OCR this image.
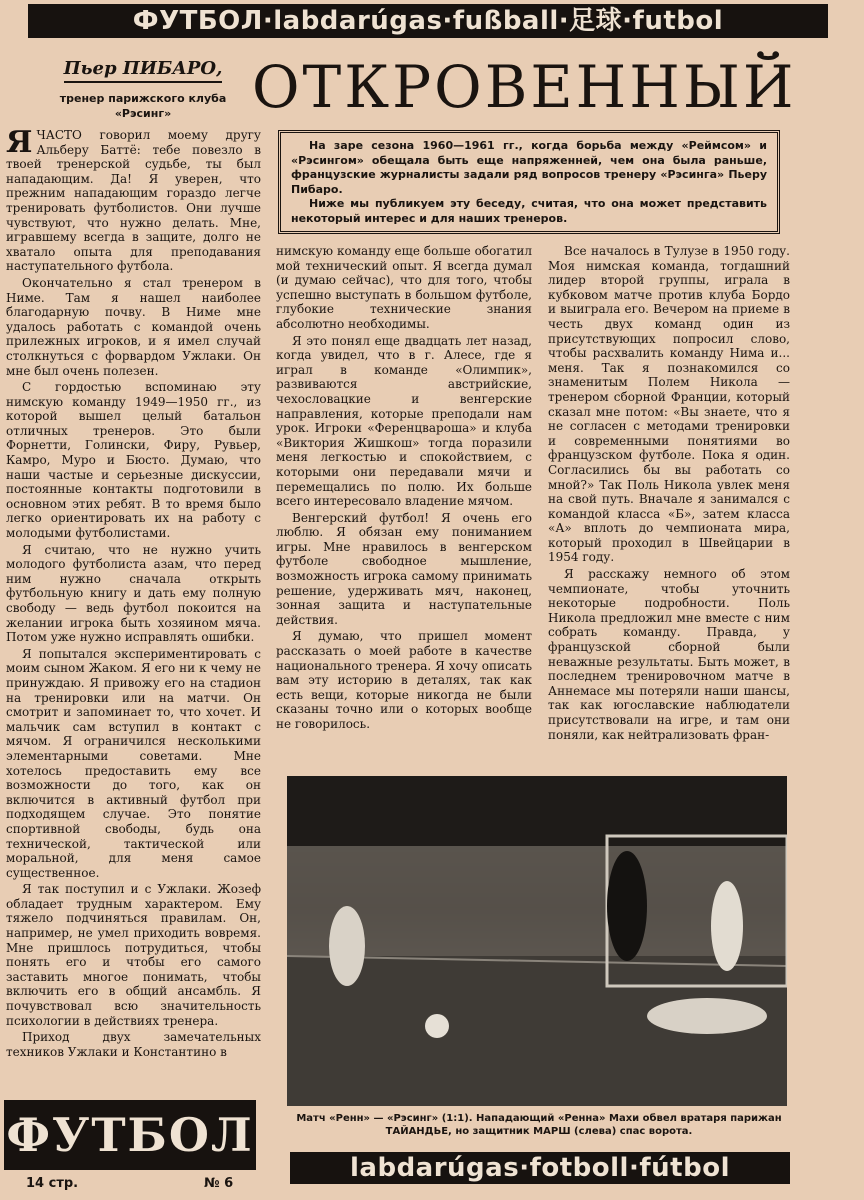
ФУТБОЛ·labdarúgas·fußball·足球·futbol
Пьер ПИБАРО,
тренер парижского клуба «Рэсинг»	ОТКРОВЕННЫЙ

На заре сезона 1960—1961 гг., когда борьба между «Реймсом» и «Рэсингом» обещала быть еще напряженней, чем она была раньше, французские журналисты задали ряд вопросов тренеру «Рэсинга» Пьеру Пибаро.

Ниже мы публикуем эту беседу, считая, что она может представить некоторый интерес и для наших тренеров.

ЯЧАСТО говорил моему другу Альберу Баттё: тебе повезло в твоей тренерской судьбе, ты был нападающим. Да! Я уверен, что прежним нападающим гораздо легче тренировать футболистов. Они лучше чувствуют, что нужно делать. Мне, игравшему всегда в защите, долго не хватало опыта для преподавания наступательного футбола.

Окончательно я стал тренером в Ниме. Там я нашел наиболее благодарную почву. В Ниме мне удалось работать с командой очень прилежных игроков, и я имел случай столкнуться с форвардом Ужлаки. Он мне был очень полезен.

С гордостью вспоминаю эту нимскую команду 1949—1950 гг., из которой вышел целый батальон отличных тренеров. Это были Форнетти, Голински, Фиру, Рувьер, Камро, Муро и Бюсто. Думаю, что наши частые и серьезные дискуссии, постоянные контакты подготовили в основном этих ребят. В то время было легко ориентировать их на работу с молодыми футболистами.

Я считаю, что не нужно учить молодого футболиста азам, что перед ним нужно сначала открыть футбольную книгу и дать ему полную свободу — ведь футбол покоится на желании игрока быть хозяином мяча. Потом уже нужно исправлять ошибки.

Я попытался экспериментировать с моим сыном Жаком. Я его ни к чему не принуждаю. Я привожу его на стадион на тренировки или на матчи. Он смотрит и запоминает то, что хочет. И мальчик сам вступил в контакт с мячом. Я ограничился несколькими элементарными советами. Мне хотелось предоставить ему все возможности до того, как он включится в активный футбол при подходящем случае. Это понятие спортивной свободы, будь она технической, тактической или моральной, для меня самое существенное.

Я так поступил и с Ужлаки. Жозеф обладает трудным характером. Ему тяжело подчиняться правилам. Он, например, не умел приходить вовремя. Мне пришлось потрудиться, чтобы понять его и чтобы его самого заставить многое понимать, чтобы включить его в общий ансамбль. Я почувствовал всю значительность психологии в действиях тренера.

Приход двух замечательных техников Ужлаки и Константино в

нимскую команду еще больше обогатил мой технический опыт. Я всегда думал (и думаю сейчас), что для того, чтобы успешно выступать в большом футболе, глубокие технические знания абсолютно необходимы.

Я это понял еще двадцать лет назад, когда увидел, что в г. Алесе, где я играл в команде «Олимпик», развиваются австрийские, чехословацкие и венгерские направления, которые преподали нам урок. Игроки «Ференцвароша» и клуба «Виктория Жишкош» тогда поразили меня легкостью и спокойствием, с которыми они передавали мячи и перемещались по полю. Их больше всего интересовало владение мячом.

Венгерский футбол! Я очень его люблю. Я обязан ему пониманием игры. Мне нравилось в венгерском футболе свободное мышление, возможность игрока самому принимать решение, удерживать мяч, наконец, зонная защита и наступательные действия.

Я думаю, что пришел момент рассказать о моей работе в качестве национального тренера. Я хочу описать вам эту историю в деталях, так как есть вещи, которые никогда не были сказаны точно или о которых вообще не говорилось.

Все началось в Тулузе в 1950 году. Моя нимская команда, тогдашний лидер второй группы, играла в кубковом матче против клуба Бордо и выиграла его. Вечером на приеме в честь двух команд один из присутствующих попросил слово, чтобы расхвалить команду Нима и... меня. Так я познакомился со знаменитым Полем Никола — тренером сборной Франции, который сказал мне потом: «Вы знаете, что я не согласен с методами тренировки и современными понятиями во французском футболе. Пока я один. Согласились бы вы работать со мной?» Так Поль Никола увлек меня на свой путь. Вначале я занимался с командой класса «Б», затем класса «А» вплоть до чемпионата мира, который проходил в Швейцарии в 1954 году.

Я расскажу немного об этом чемпионате, чтобы уточнить некоторые подробности. Поль Никола предложил мне вместе с ним собрать команду. Правда, у французской сборной были неважные результаты. Быть может, в последнем тренировочном матче в Аннемасе мы потеряли наши шансы, так как югославские наблюдатели присутствовали на игре, и там они поняли, как нейтрализовать фран-

Матч «Ренн» — «Рэсинг» (1:1). Нападающий «Ренна» Махи обвел вратаря парижан ТАЙАНДЬЕ, но защитник МАРШ (слева) спас ворота.
ФУТБОЛ
labdarúgas·fotboll·fútbol
14 стр.	№ 6
